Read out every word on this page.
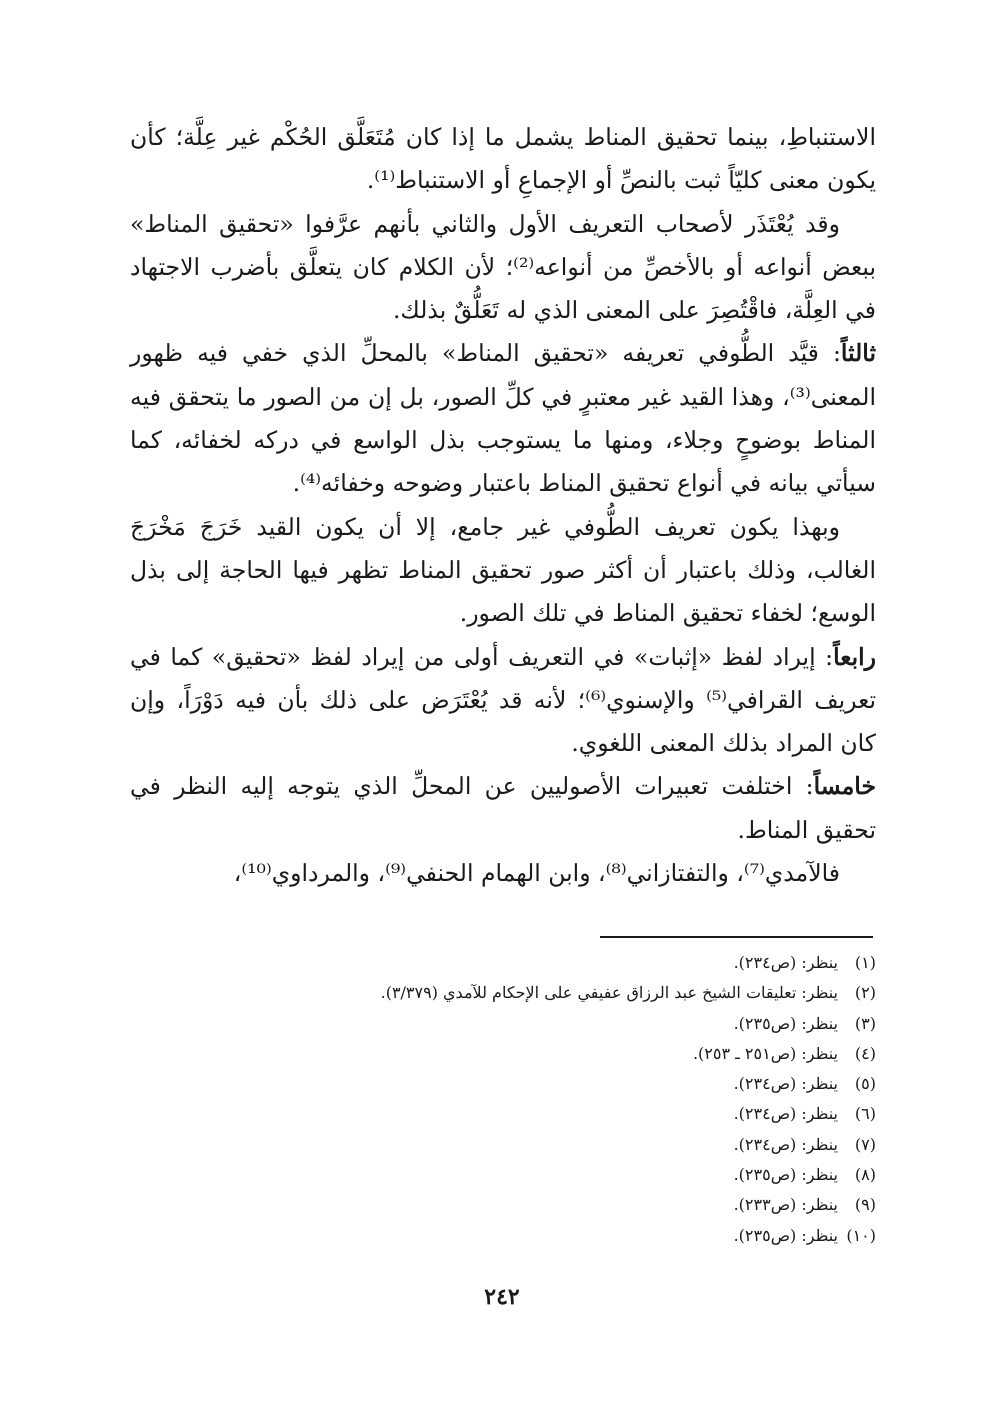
الاستنباطِ، بينما تحقيق المناط يشمل ما إذا كان مُتَعَلَّق الحُكْم غير عِلَّة؛ كأن يكون معنى كليّاً ثبت بالنصِّ أو الإجماعِ أو الاستنباط⁽¹⁾.

وقد يُعْتَذَر لأصحاب التعريف الأول والثاني بأنهم عرَّفوا «تحقيق المناط» ببعض أنواعه أو بالأخصِّ من أنواعه⁽²⁾؛ لأن الكلام كان يتعلَّق بأضرب الاجتهاد في العِلَّة، فاقْتُصِرَ على المعنى الذي له تَعَلُّقٌ بذلك.

ثالثاً: قيَّد الطُّوفي تعريفه «تحقيق المناط» بالمحلِّ الذي خفي فيه ظهور المعنى⁽³⁾، وهذا القيد غير معتبرٍ في كلِّ الصور، بل إن من الصور ما يتحقق فيه المناط بوضوحٍ وجلاء، ومنها ما يستوجب بذل الواسع في دركه لخفائه، كما سيأتي بيانه في أنواع تحقيق المناط باعتبار وضوحه وخفائه⁽⁴⁾.

وبهذا يكون تعريف الطُّوفي غير جامع، إلا أن يكون القيد خَرَجَ مَخْرَجَ الغالب، وذلك باعتبار أن أكثر صور تحقيق المناط تظهر فيها الحاجة إلى بذل الوسع؛ لخفاء تحقيق المناط في تلك الصور.

رابعاً: إيراد لفظ «إثبات» في التعريف أولى من إيراد لفظ «تحقيق» كما في تعريف القرافي⁽⁵⁾ والإسنوي⁽⁶⁾؛ لأنه قد يُعْتَرَض على ذلك بأن فيه دَوْرَاً، وإن كان المراد بذلك المعنى اللغوي.

خامساً: اختلفت تعبيرات الأصوليين عن المحلِّ الذي يتوجه إليه النظر في تحقيق المناط.

فالآمدي⁽⁷⁾، والتفتازاني⁽⁸⁾، وابن الهمام الحنفي⁽⁹⁾، والمرداوي⁽¹⁰⁾،

(١)ينظر: (ص٢٣٤).
(٢)ينظر: تعليقات الشيخ عبد الرزاق عفيفي على الإحكام للآمدي (٣/٣٧٩).
(٣)ينظر: (ص٢٣٥).
(٤)ينظر: (ص٢٥١ ـ ٢٥٣).
(٥)ينظر: (ص٢٣٤).
(٦)ينظر: (ص٢٣٤).
(٧)ينظر: (ص٢٣٤).
(٨)ينظر: (ص٢٣٥).
(٩)ينظر: (ص٢٣٣).
(١٠)ينظر: (ص٢٣٥).
٢٤٢
